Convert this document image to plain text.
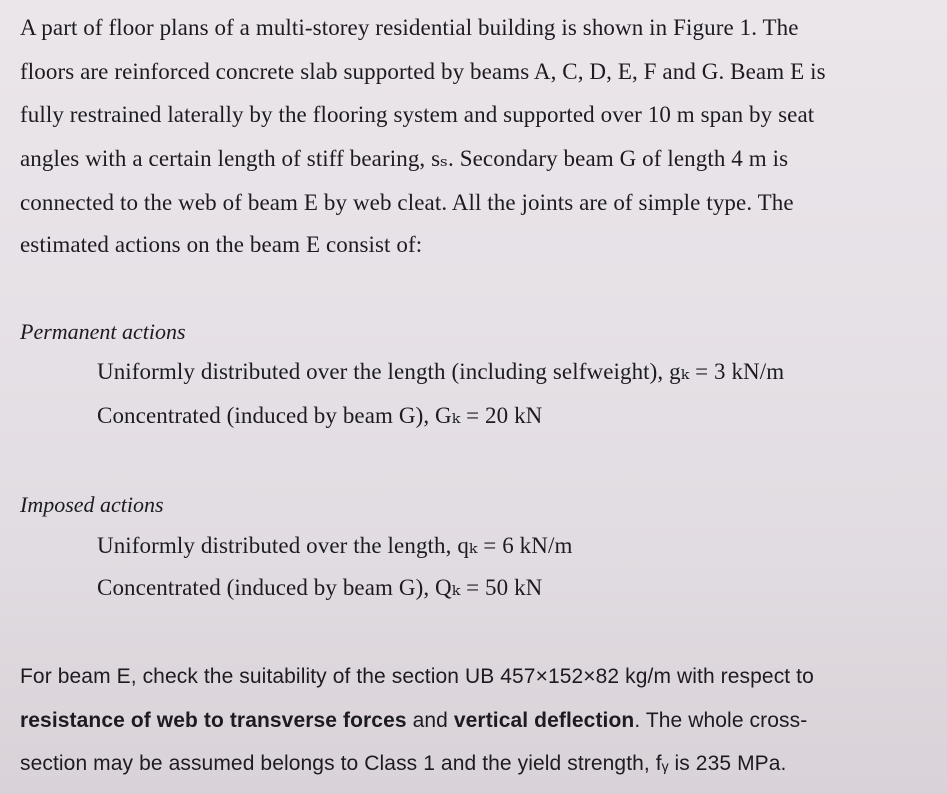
A part of floor plans of a multi-storey residential building is shown in Figure 1. The
floors are reinforced concrete slab supported by beams A, C, D, E, F and G. Beam E is
fully restrained laterally by the flooring system and supported over 10 m span by seat
angles with a certain length of stiff bearing, sₛ. Secondary beam G of length 4 m is
connected to the web of beam E by web cleat. All the joints are of simple type. The
estimated actions on the beam E consist of:
Permanent actions
Uniformly distributed over the length (including selfweight), gₖ = 3 kN/m
Concentrated (induced by beam G), Gₖ = 20 kN
Imposed actions
Uniformly distributed over the length, qₖ = 6 kN/m
Concentrated (induced by beam G), Qₖ = 50 kN
For beam E, check the suitability of the section UB 457×152×82 kg/m with respect to
resistance of web to transverse forces and vertical deflection. The whole cross-
section may be assumed belongs to Class 1 and the yield strength, fᵧ is 235 MPa.
